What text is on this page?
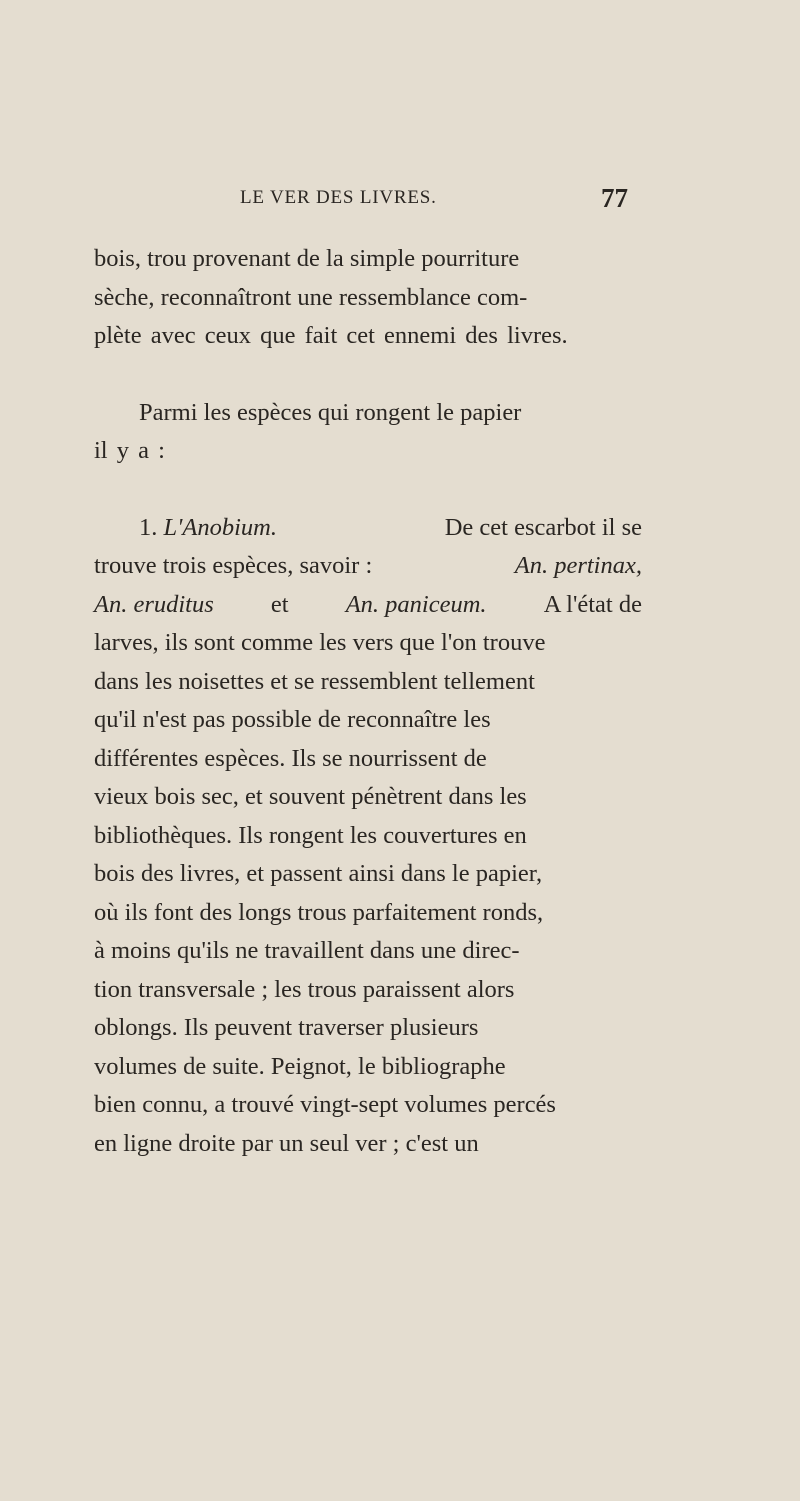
LE VER DES LIVRES.	77
bois, trou provenant de la simple pourriture
sèche, reconnaîtront une ressemblance com-
plète avec ceux que fait cet ennemi des livres.
Parmi les espèces qui rongent le papier
il y a :
1. L'Anobium.	De cet escarbot il se
trouve trois espèces, savoir :	An. pertinax,
An. eruditus et An. paniceum. A l'état de
larves, ils sont comme les vers que l'on trouve
dans les noisettes et se ressemblent tellement
qu'il n'est pas possible de reconnaître les
différentes espèces. Ils se nourrissent de
vieux bois sec, et souvent pénètrent dans les
bibliothèques. Ils rongent les couvertures en
bois des livres, et passent ainsi dans le papier,
où ils font des longs trous parfaitement ronds,
à moins qu'ils ne travaillent dans une direc-
tion transversale ; les trous paraissent alors
oblongs. Ils peuvent traverser plusieurs
volumes de suite. Peignot, le bibliographe
bien connu, a trouvé vingt-sept volumes percés
en ligne droite par un seul ver ; c'est un
